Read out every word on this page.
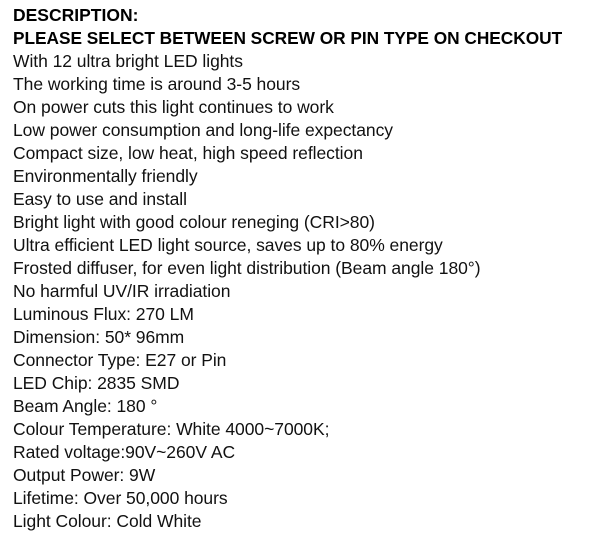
DESCRIPTION:
PLEASE SELECT BETWEEN SCREW OR PIN TYPE ON CHECKOUT
With 12 ultra bright LED lights
The working time is around 3-5 hours
On power cuts this light continues to work
Low power consumption and long-life expectancy
Compact size, low heat, high speed reflection
Environmentally friendly
Easy to use and install
Bright light with good colour reneging (CRI>80)
Ultra efficient LED light source, saves up to 80% energy
Frosted diffuser, for even light distribution (Beam angle 180°)
No harmful UV/IR irradiation
Luminous Flux: 270 LM
Dimension: 50* 96mm
Connector Type: E27 or Pin
LED Chip: 2835 SMD
Beam Angle: 180 °
Colour Temperature: White 4000~7000K;
Rated voltage:90V~260V AC
Output Power: 9W
Lifetime: Over 50,000 hours
Light Colour: Cold White
